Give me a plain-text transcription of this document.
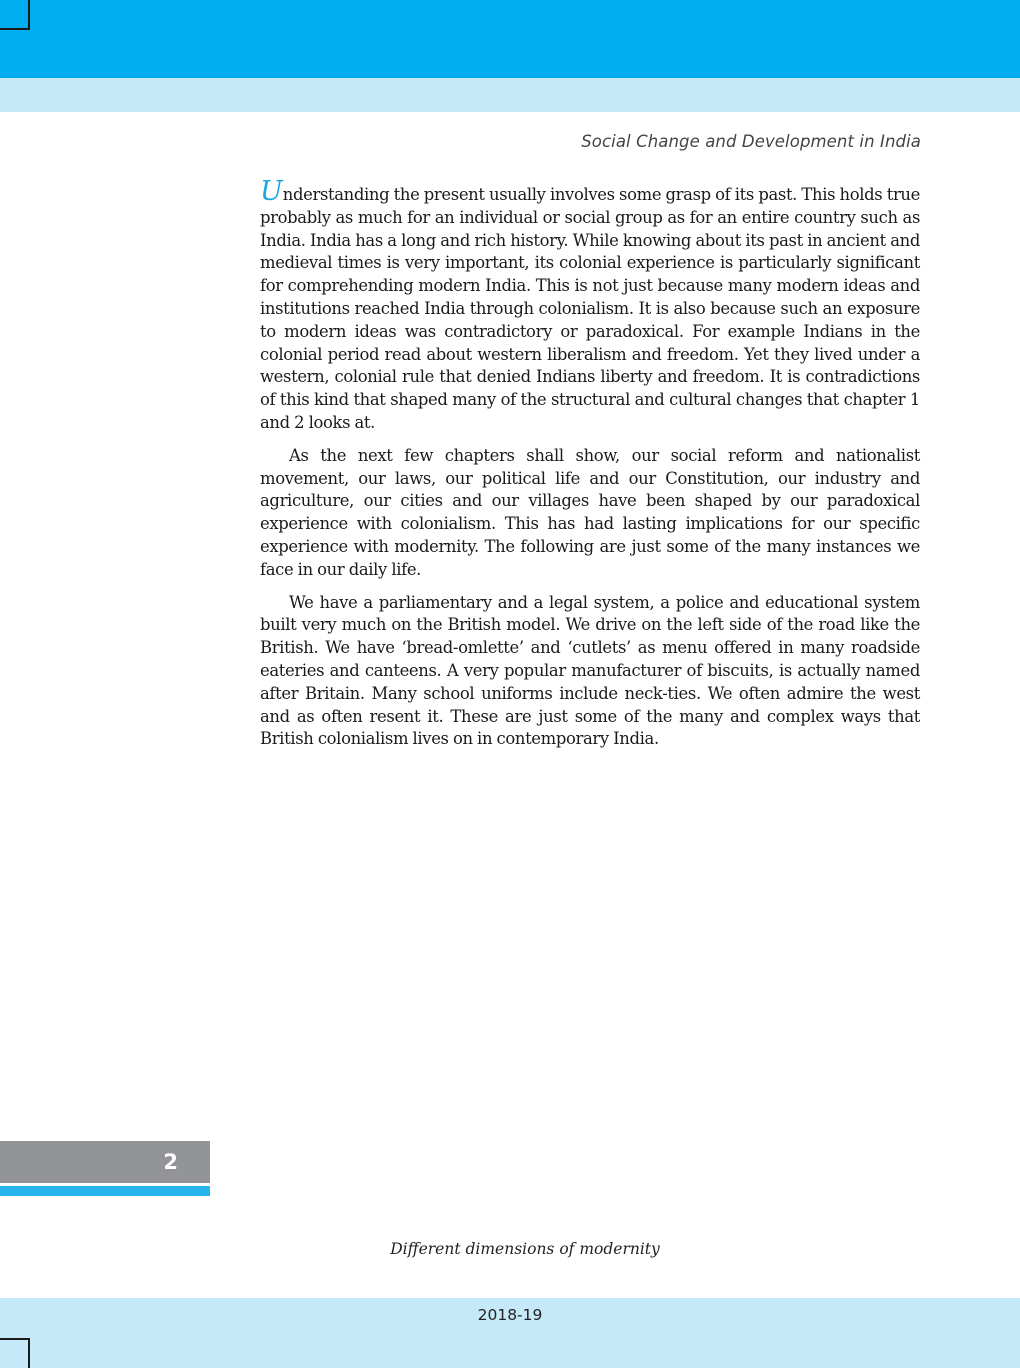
Social Change and Development in India

Understanding the present usually involves some grasp of its past. This holds true probably as much for an individual or social group as for an entire country such as India. India has a long and rich history. While knowing about its past in ancient and medieval times is very important, its colonial experience is particularly significant for comprehending modern India. This is not just because many modern ideas and institutions reached India through colonialism. It is also because such an exposure to modern ideas was contradictory or paradoxical. For example Indians in the colonial period read about western liberalism and freedom. Yet they lived under a western, colonial rule that denied Indians liberty and freedom. It is contradictions of this kind that shaped many of the structural and cultural changes that chapter 1 and 2 looks at.

As the next few chapters shall show, our social reform and nationalist movement, our laws, our political life and our Constitution, our industry and agriculture, our cities and our villages have been shaped by our paradoxical experience with colonialism. This has had lasting implications for our specific experience with modernity. The following are just some of the many instances we face in our daily life.

We have a parliamentary and a legal system, a police and educational system built very much on the British model. We drive on the left side of the road like the British. We have ‘bread-omlette’ and ‘cutlets’ as menu offered in many roadside eateries and canteens. A very popular manufacturer of biscuits, is actually named after Britain. Many school uniforms include neck-ties. We often admire the west and as often resent it. These are just some of the many and complex ways that British colonialism lives on in contemporary India.

2
Different dimensions of modernity
2018-19
